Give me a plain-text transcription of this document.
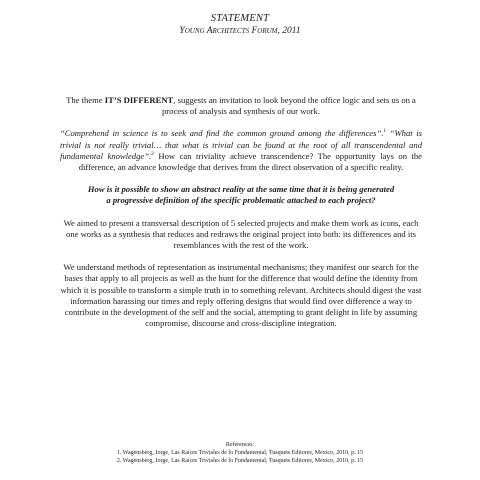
STATEMENT
Young Architects Forum, 2011

The theme IT’S DIFFERENT, suggests an invitation to look beyond the office logic and sets us on a process of analysis and synthesis of our work.

“Comprehend in science is to seek and find the common ground among the differences”.$^1$ “What is trivial is not really trivial… that what is trivial can be found at the root of all transcendental and fundamental knowledge”.$^2$ How can triviality achieve transcendence? The opportunity lays on the difference, an advance knowledge that derives from the direct observation of a specific reality.

How is it possible to show an abstract reality at the same time that it is being generated
a progressive definition of the specific problematic attached to each project?

We aimed to present a transversal description of 5 selected projects and make them work as icons, each one works as a synthesis that reduces and redraws the original project into both: its differences and its resemblances with the rest of the work.

We understand methods of representation as instrumental mechanisms; they manifest our search for the bases that apply to all projects as well as the hunt for the difference that would define the identity from which it is possible to transform a simple truth in to something relevant. Architects should digest the vast information harassing our times and reply offering designs that would find over difference a way to contribute in the development of the self and the social, attempting to grant delight in life by assuming compromise, discourse and cross-discipline integration.

References:
1. Wagensberg, Jorge, Las Raíces Triviales de lo Fundamental, Tusquets Editores, Mexico, 2010, p. 15
2. Wagensberg, Jorge, Las Raíces Triviales de lo Fundamental, Tusquets Editores, Mexico, 2010, p. 15
